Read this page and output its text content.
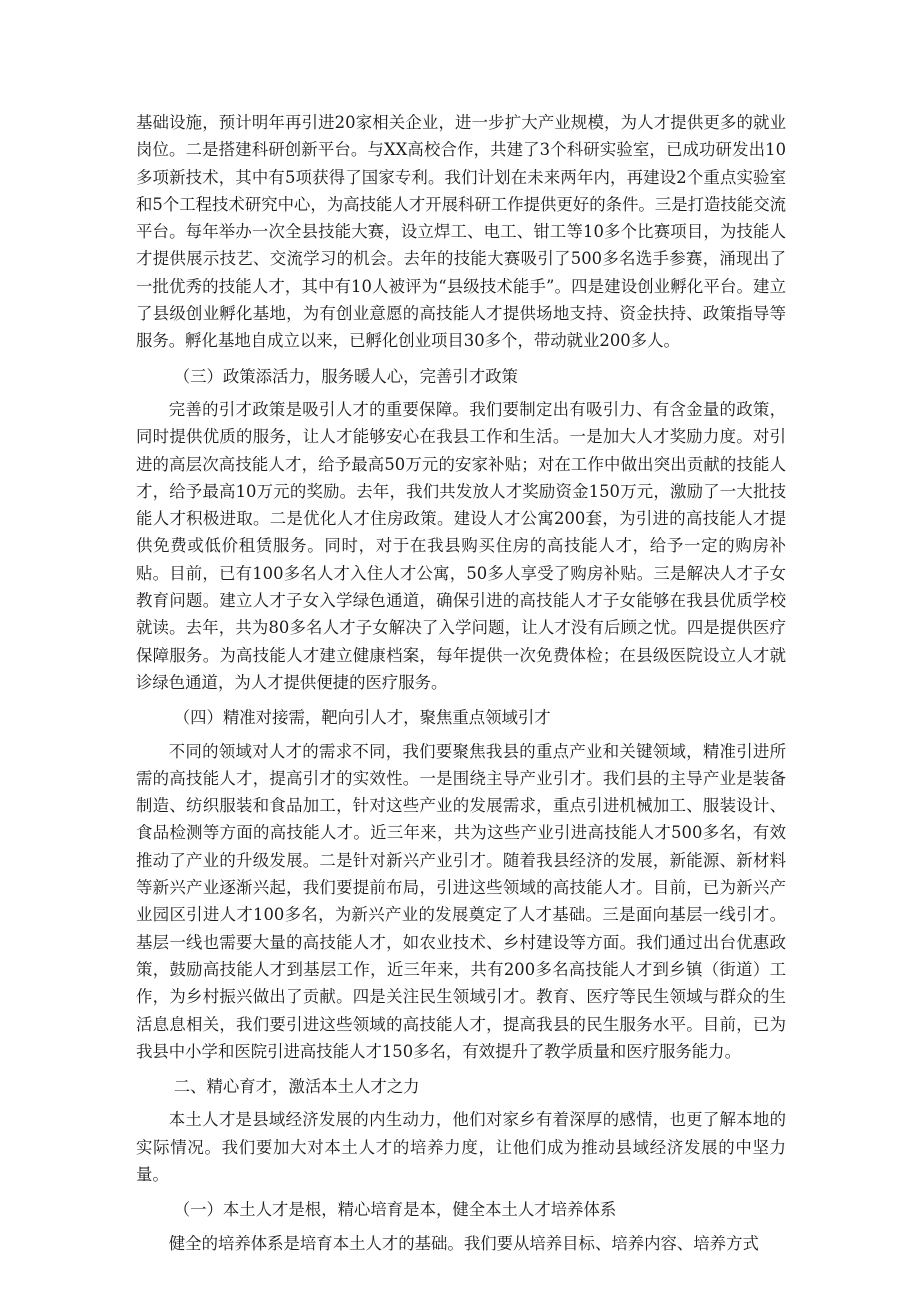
基础设施，预计明年再引进20家相关企业，进一步扩大产业规模，为人才提供更多的就业岗位。二是搭建科研创新平台。与XX高校合作，共建了3个科研实验室，已成功研发出10多项新技术，其中有5项获得了国家专利。我们计划在未来两年内，再建设2个重点实验室和5个工程技术研究中心，为高技能人才开展科研工作提供更好的条件。三是打造技能交流平台。每年举办一次全县技能大赛，设立焊工、电工、钳工等10多个比赛项目，为技能人才提供展示技艺、交流学习的机会。去年的技能大赛吸引了500多名选手参赛，涌现出了一批优秀的技能人才，其中有10人被评为“县级技术能手”。四是建设创业孵化平台。建立了县级创业孵化基地，为有创业意愿的高技能人才提供场地支持、资金扶持、政策指导等服务。孵化基地自成立以来，已孵化创业项目30多个，带动就业200多人。

（三）政策添活力，服务暖人心，完善引才政策

完善的引才政策是吸引人才的重要保障。我们要制定出有吸引力、有含金量的政策，同时提供优质的服务，让人才能够安心在我县工作和生活。一是加大人才奖励力度。对引进的高层次高技能人才，给予最高50万元的安家补贴；对在工作中做出突出贡献的技能人才，给予最高10万元的奖励。去年，我们共发放人才奖励资金150万元，激励了一大批技能人才积极进取。二是优化人才住房政策。建设人才公寓200套，为引进的高技能人才提供免费或低价租赁服务。同时，对于在我县购买住房的高技能人才，给予一定的购房补贴。目前，已有100多名人才入住人才公寓，50多人享受了购房补贴。三是解决人才子女教育问题。建立人才子女入学绿色通道，确保引进的高技能人才子女能够在我县优质学校就读。去年，共为80多名人才子女解决了入学问题，让人才没有后顾之忧。四是提供医疗保障服务。为高技能人才建立健康档案，每年提供一次免费体检；在县级医院设立人才就诊绿色通道，为人才提供便捷的医疗服务。

（四）精准对接需，靶向引人才，聚焦重点领域引才

不同的领域对人才的需求不同，我们要聚焦我县的重点产业和关键领域，精准引进所需的高技能人才，提高引才的实效性。一是围绕主导产业引才。我们县的主导产业是装备制造、纺织服装和食品加工，针对这些产业的发展需求，重点引进机械加工、服装设计、食品检测等方面的高技能人才。近三年来，共为这些产业引进高技能人才500多名，有效推动了产业的升级发展。二是针对新兴产业引才。随着我县经济的发展，新能源、新材料等新兴产业逐渐兴起，我们要提前布局，引进这些领域的高技能人才。目前，已为新兴产业园区引进人才100多名，为新兴产业的发展奠定了人才基础。三是面向基层一线引才。基层一线也需要大量的高技能人才，如农业技术、乡村建设等方面。我们通过出台优惠政策，鼓励高技能人才到基层工作，近三年来，共有200多名高技能人才到乡镇（街道）工作，为乡村振兴做出了贡献。四是关注民生领域引才。教育、医疗等民生领域与群众的生活息息相关，我们要引进这些领域的高技能人才，提高我县的民生服务水平。目前，已为我县中小学和医院引进高技能人才150多名，有效提升了教学质量和医疗服务能力。

二、精心育才，激活本土人才之力

本土人才是县域经济发展的内生动力，他们对家乡有着深厚的感情，也更了解本地的实际情况。我们要加大对本土人才的培养力度，让他们成为推动县域经济发展的中坚力量。

（一）本土人才是根，精心培育是本，健全本土人才培养体系

健全的培养体系是培育本土人才的基础。我们要从培养目标、培养内容、培养方式
